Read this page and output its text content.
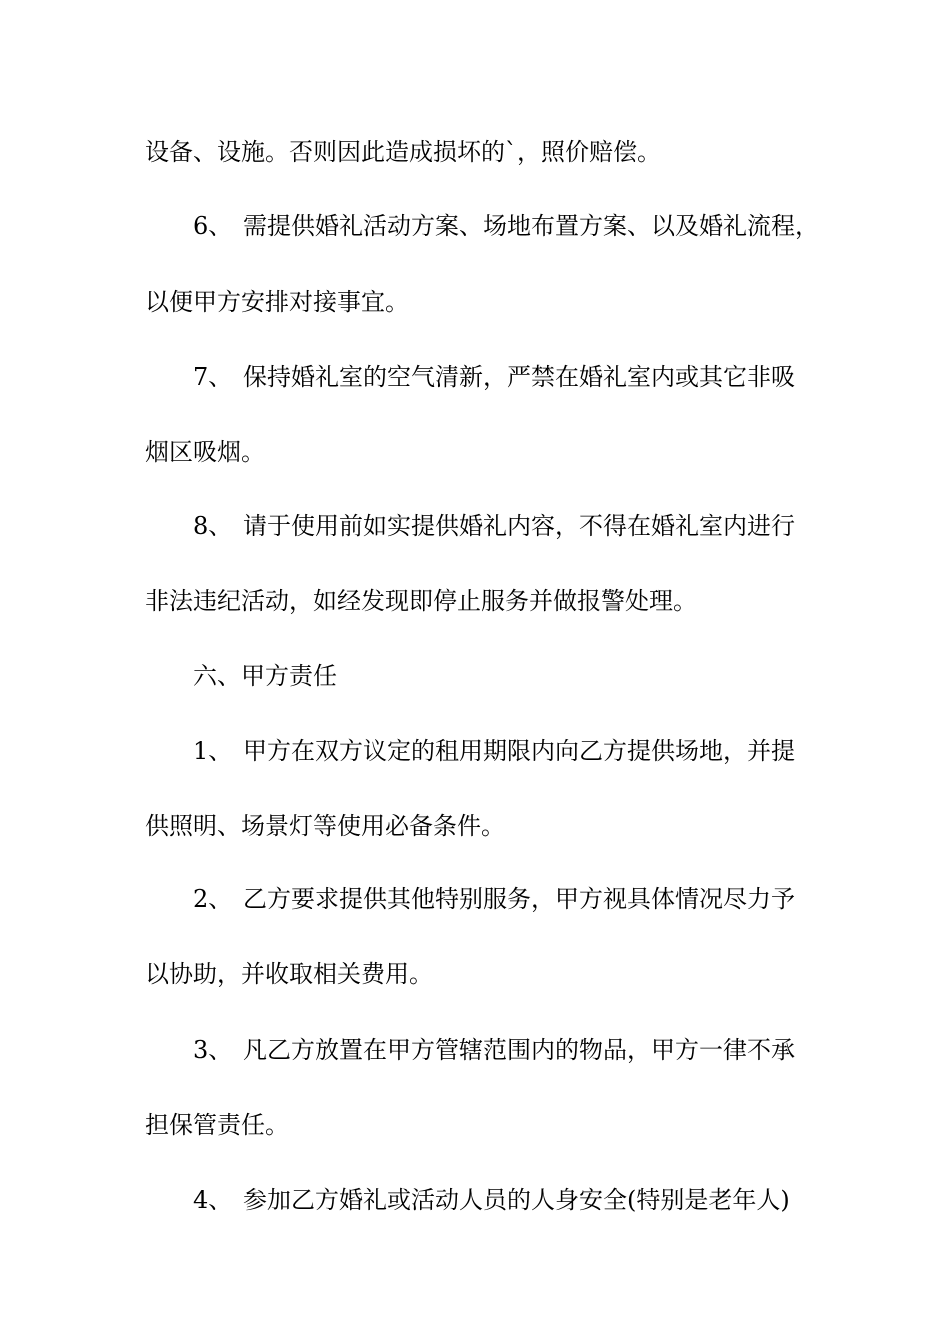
设备、设施。否则因此造成损坏的`，照价赔偿。
6、 需提供婚礼活动方案、场地布置方案、以及婚礼流程，
以便甲方安排对接事宜。
7、 保持婚礼室的空气清新，严禁在婚礼室内或其它非吸
烟区吸烟。
8、 请于使用前如实提供婚礼内容，不得在婚礼室内进行
非法违纪活动，如经发现即停止服务并做报警处理。
六、甲方责任
1、 甲方在双方议定的租用期限内向乙方提供场地，并提
供照明、场景灯等使用必备条件。
2、 乙方要求提供其他特别服务，甲方视具体情况尽力予
以协助，并收取相关费用。
3、 凡乙方放置在甲方管辖范围内的物品，甲方一律不承
担保管责任。
4、 参加乙方婚礼或活动人员的人身安全(特别是老年人)
